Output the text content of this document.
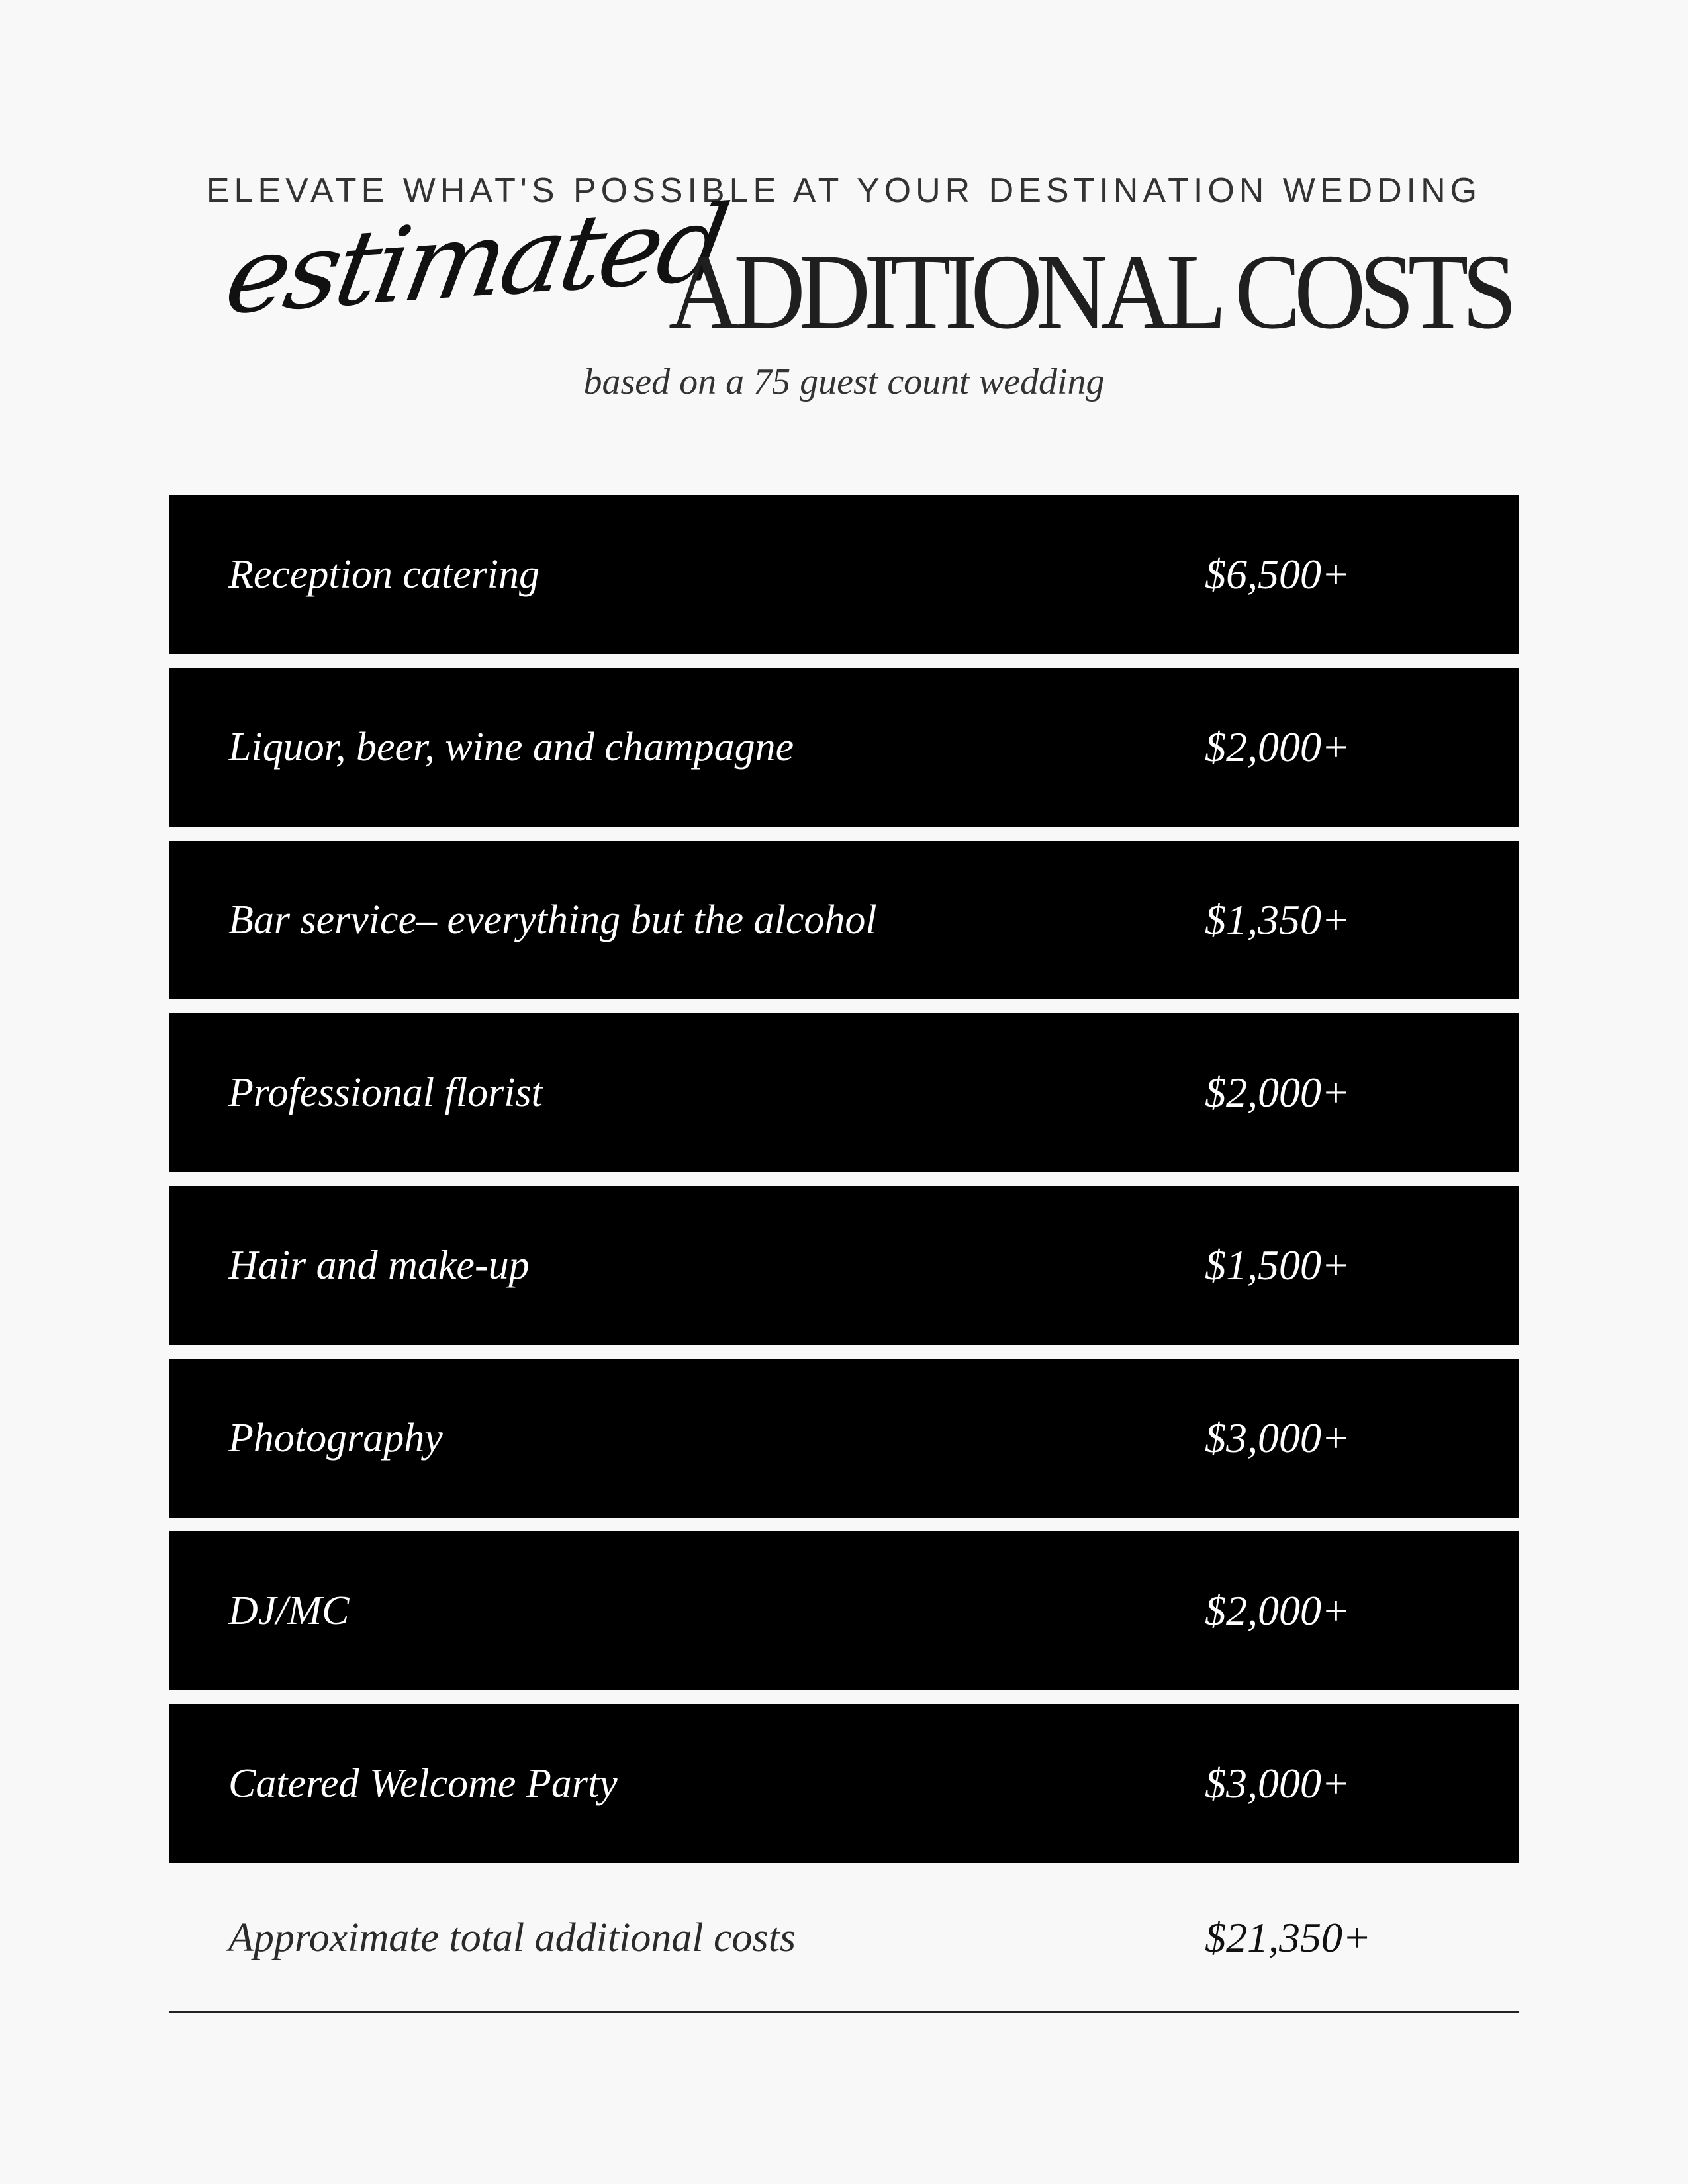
ELEVATE WHAT'S POSSIBLE AT YOUR DESTINATION WEDDING
estimated
ADDITIONAL COSTS
based on a 75 guest count wedding
Reception catering	$6,500+
Liquor, beer, wine and champagne	$2,000+
Bar service– everything but the alcohol	$1,350+
Professional florist	$2,000+
Hair and make-up	$1,500+
Photography	$3,000+
DJ/MC	$2,000+
Catered Welcome Party	$3,000+
Approximate total additional costs	$21,350+
